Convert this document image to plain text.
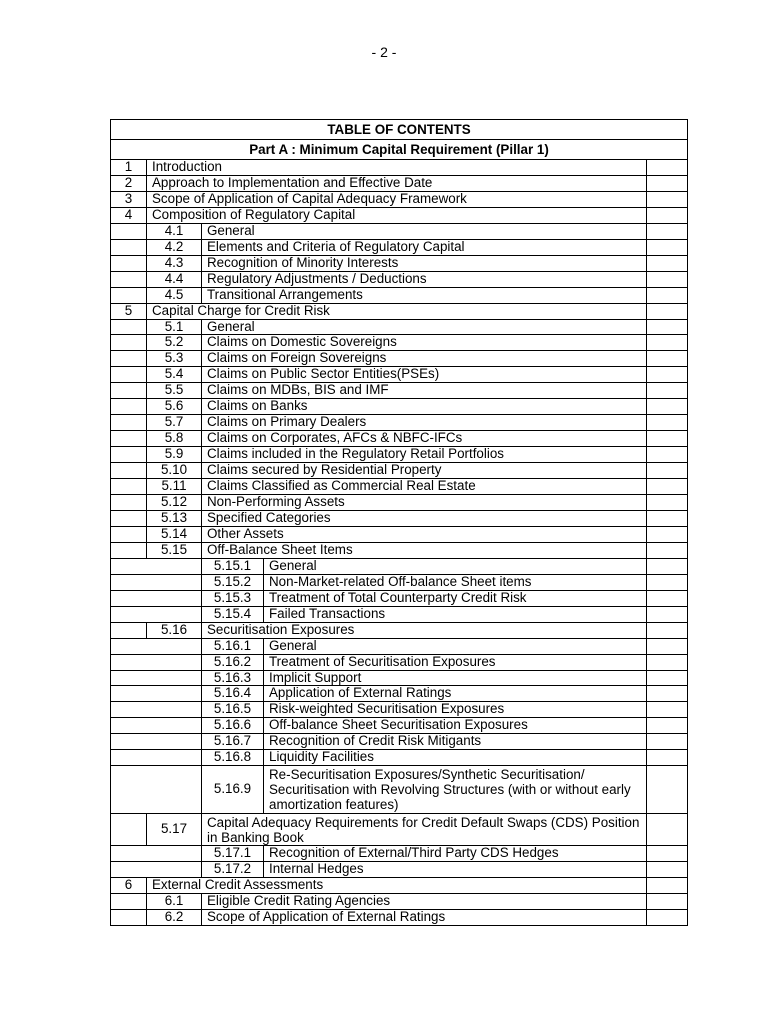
- 2 -
TABLE OF CONTENTS				
Part A : Minimum Capital Requirement (Pillar 1)				
1	Introduction			
2	Approach to Implementation and Effective Date			
3	Scope of Application of Capital Adequacy Framework			
4	Composition of Regulatory Capital			
	4.1	General		
	4.2	Elements and Criteria of Regulatory Capital		
	4.3	Recognition of Minority Interests		
	4.4	Regulatory Adjustments / Deductions		
	4.5	Transitional Arrangements		
5	Capital Charge for Credit Risk			
	5.1	General		
	5.2	Claims on Domestic Sovereigns		
	5.3	Claims on Foreign Sovereigns		
	5.4	Claims on Public Sector Entities(PSEs)		
	5.5	Claims on MDBs, BIS and IMF		
	5.6	Claims on Banks		
	5.7	Claims on Primary Dealers		
	5.8	Claims on Corporates, AFCs & NBFC-IFCs		
	5.9	Claims included in the Regulatory Retail Portfolios		
	5.10	Claims secured by Residential Property		
	5.11	Claims Classified as Commercial Real Estate		
	5.12	Non-Performing Assets		
	5.13	Specified Categories		
	5.14	Other Assets		
	5.15	Off-Balance Sheet Items		
		5.15.1	General	
		5.15.2	Non-Market-related Off-balance Sheet items	
		5.15.3	Treatment of Total Counterparty Credit Risk	
		5.15.4	Failed Transactions	
	5.16	Securitisation Exposures		
		5.16.1	General	
		5.16.2	Treatment of Securitisation Exposures	
		5.16.3	Implicit Support	
		5.16.4	Application of External Ratings	
		5.16.5	Risk-weighted Securitisation Exposures	
		5.16.6	Off-balance Sheet Securitisation Exposures	
		5.16.7	Recognition of Credit Risk Mitigants	
		5.16.8	Liquidity Facilities	
		5.16.9	Re-Securitisation Exposures/Synthetic Securitisation/ Securitisation with Revolving Structures (with or without early amortization features)	
	5.17	Capital Adequacy Requirements for Credit Default Swaps (CDS) Position in Banking Book		
		5.17.1	Recognition of External/Third Party CDS Hedges	
		5.17.2	Internal Hedges	
6	External Credit Assessments			
	6.1	Eligible Credit Rating Agencies		
	6.2	Scope of Application of External Ratings		
